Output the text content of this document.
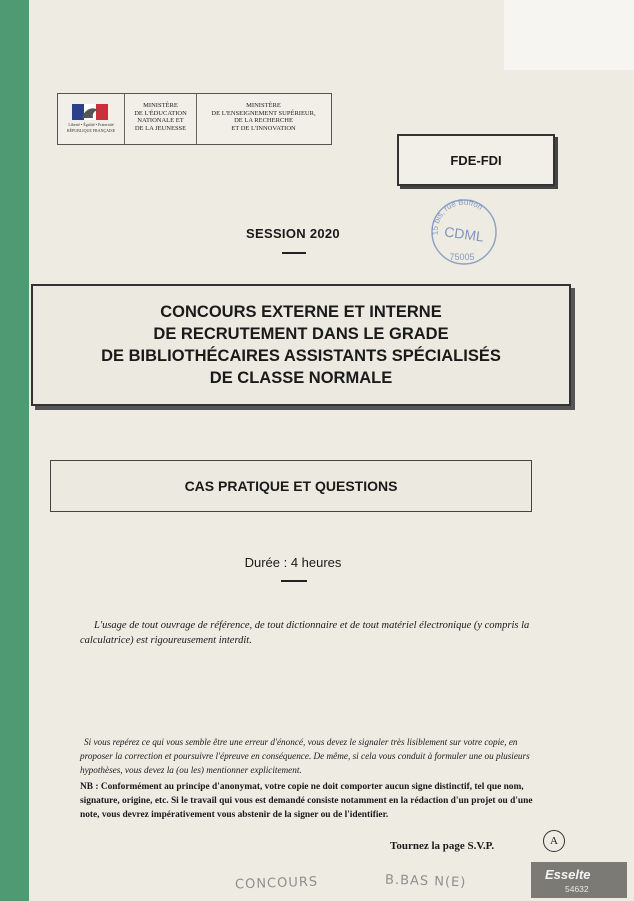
Liberté • Égalité • Fraternité
RÉPUBLIQUE FRANÇAISE
MINISTÈRE
DE L'ÉDUCATION
NATIONALE ET
DE LA JEUNESSE
MINISTÈRE
DE L'ENSEIGNEMENT SUPÉRIEUR,
DE LA RECHERCHE
ET DE L'INNOVATION
FDE-FDI
15 bis, rue Buffon
CDML
75005
SESSION 2020
CONCOURS EXTERNE ET INTERNE
DE RECRUTEMENT DANS LE GRADE
DE BIBLIOTHÉCAIRES ASSISTANTS SPÉCIALISÉS
DE CLASSE NORMALE
CAS PRATIQUE ET QUESTIONS
Durée : 4 heures
L'usage de tout ouvrage de référence, de tout dictionnaire et de tout matériel électronique (y compris la calculatrice) est rigoureusement interdit.
Si vous repérez ce qui vous semble être une erreur d'énoncé, vous devez le signaler très lisiblement sur votre copie, en proposer la correction et poursuivre l'épreuve en conséquence. De même, si cela vous conduit à formuler une ou plusieurs hypothèses, vous devez la (ou les) mentionner explicitement.
NB : Conformément au principe d'anonymat, votre copie ne doit comporter aucun signe distinctif, tel que nom, signature, origine, etc. Si le travail qui vous est demandé consiste notamment en la rédaction d'un projet ou d'une note, vous devrez impérativement vous abstenir de la signer ou de l'identifier.
Tournez la page S.V.P.	A
CONCOURS	B.BAS N(E)	Esselte
54632
